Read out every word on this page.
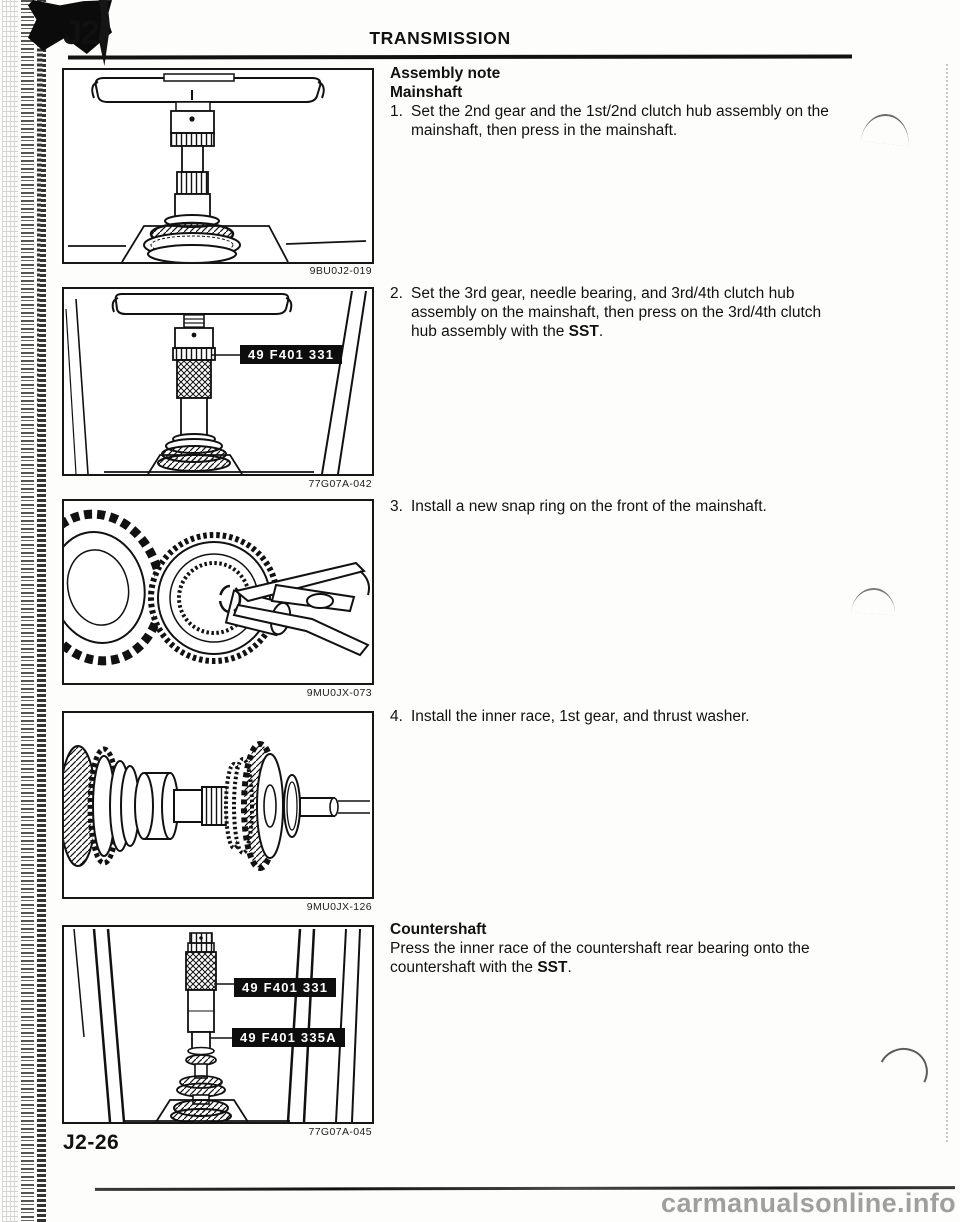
J2	TRANSMISSION
9BU0J2-019
49 F401 331
77G07A-042
9MU0JX-073
9MU0JX-126
49 F401 331
49 F401 335A
77G07A-045
Assembly note
Mainshaft
1. Set the 2nd gear and the 1st/2nd clutch hub assembly on the mainshaft, then press in the mainshaft.
2. Set the 3rd gear, needle bearing, and 3rd/4th clutch hub assembly on the mainshaft, then press on the 3rd/4th clutch hub assembly with the SST.
3. Install a new snap ring on the front of the mainshaft.
4. Install the inner race, 1st gear, and thrust washer.
Countershaft
Press the inner race of the countershaft rear bearing onto the countershaft with the SST.
J2-26
carmanualsonline.info
